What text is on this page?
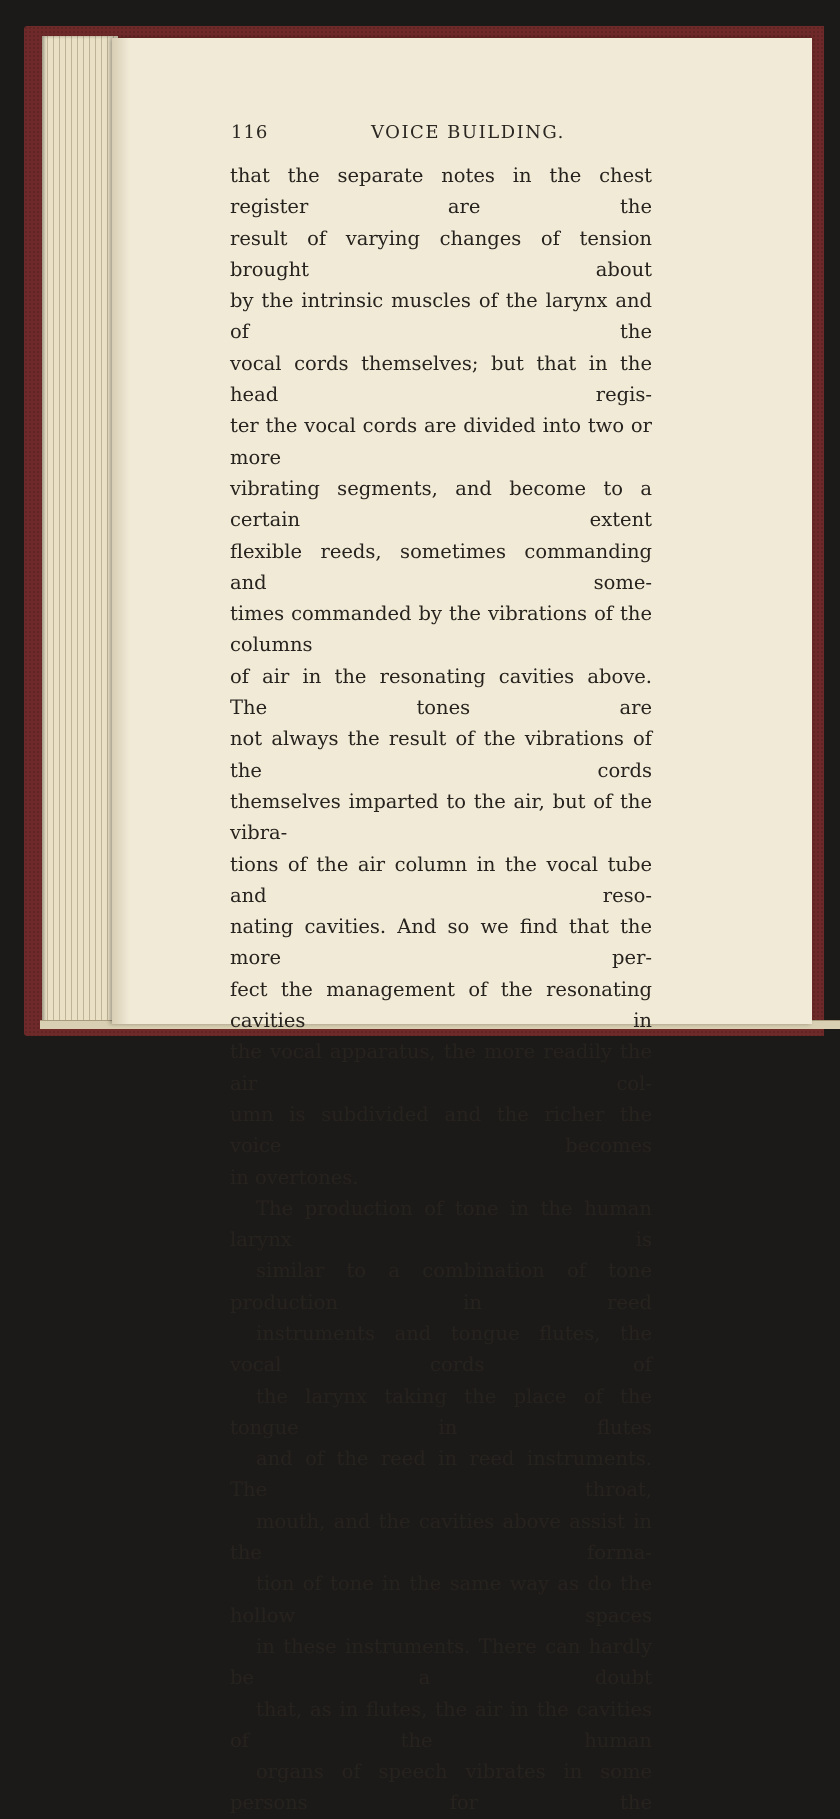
116	VOICE BUILDING.

that the separate notes in the chest register are the
result of varying changes of tension brought about
by the intrinsic muscles of the larynx and of the
vocal cords themselves; but that in the head regis-
ter the vocal cords are divided into two or more
vibrating segments, and become to a certain extent
flexible reeds, sometimes commanding and some-
times commanded by the vibrations of the columns
of air in the resonating cavities above. The tones are
not always the result of the vibrations of the cords
themselves imparted to the air, but of the vibra-
tions of the air column in the vocal tube and reso-
nating cavities. And so we find that the more per-
fect the management of the resonating cavities in
the vocal apparatus, the more readily the air col-
umn is subdivided and the richer the voice becomes
in overtones.

The production of tone in the human larynx is
similar to a combination of tone production in reed
instruments and tongue flutes, the vocal cords of
the larynx taking the place of the tongue in flutes
and of the reed in reed instruments. The throat,
mouth, and the cavities above assist in the forma-
tion of tone in the same way as do the hollow spaces
in these instruments. There can hardly be a doubt
that, as in flutes, the air in the cavities of the human
organs of speech vibrates in some persons for the
